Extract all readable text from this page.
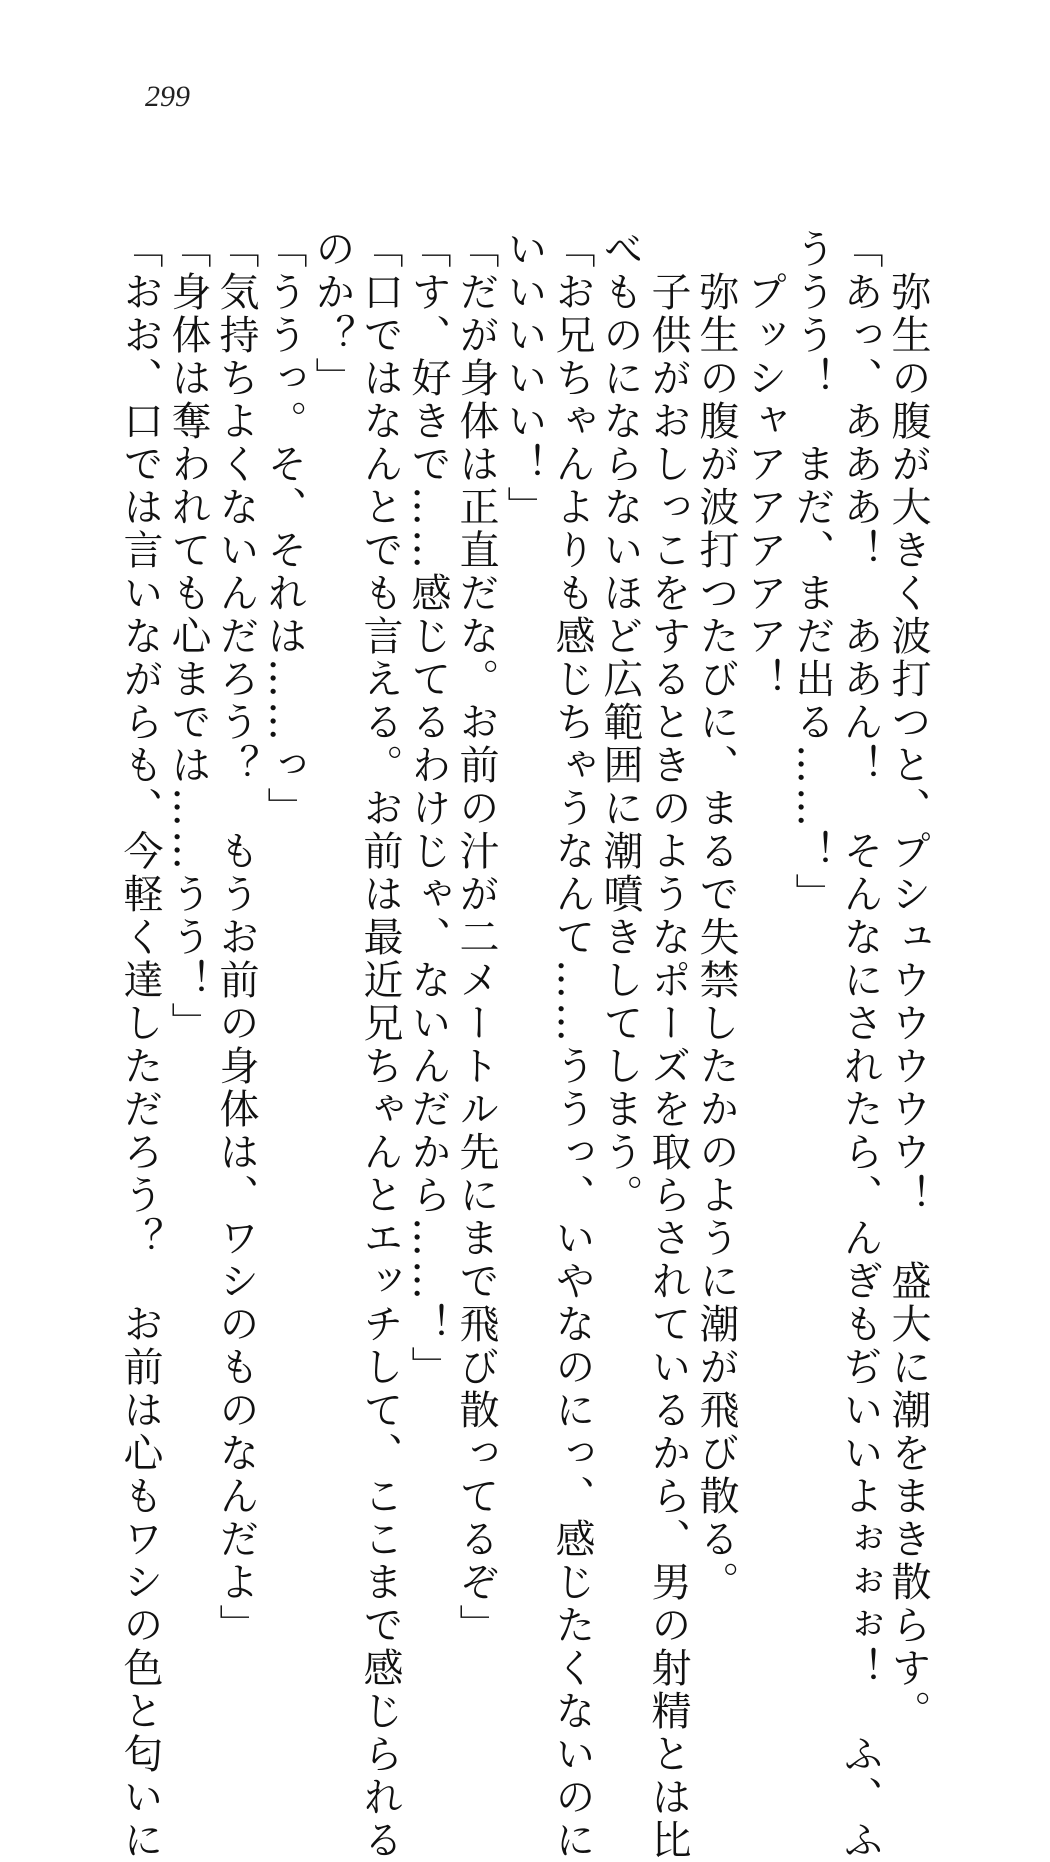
299

　弥生の腹が大きく波打つと、プシュウウウウウ！　盛大に潮をまき散らす。

「あっ、あああ！　ああん！　そんなにされたら、んぎもぢいいよぉぉぉ！　ふ、ふ

ううう！　まだ、まだ出る……！」

　プッシャアアアアア！

　弥生の腹が波打つたびに、まるで失禁したかのように潮が飛び散る。

　子供がおしっこをするときのようなポーズを取らされているから、男の射精とは比

べものにならないほど広範囲に潮噴きしてしまう。

「お兄ちゃんよりも感じちゃうなんて……ううっ、いやなのにっ、感じたくないのに

いいいいい！」

「だが身体は正直だな。お前の汁が二メートル先にまで飛び散ってるぞ」

「す、好きで……感じてるわけじゃ、ないんだから……！」

「口ではなんとでも言える。お前は最近兄ちゃんとエッチして、ここまで感じられる

のか？」

「ううっ。そ、それは……っ」

「気持ちよくないんだろう？　もうお前の身体は、ワシのものなんだよ」

「身体は奪われても心までは……うう！」

「おお、口では言いながらも、今軽く達しただろう？　お前は心もワシの色と匂いに
